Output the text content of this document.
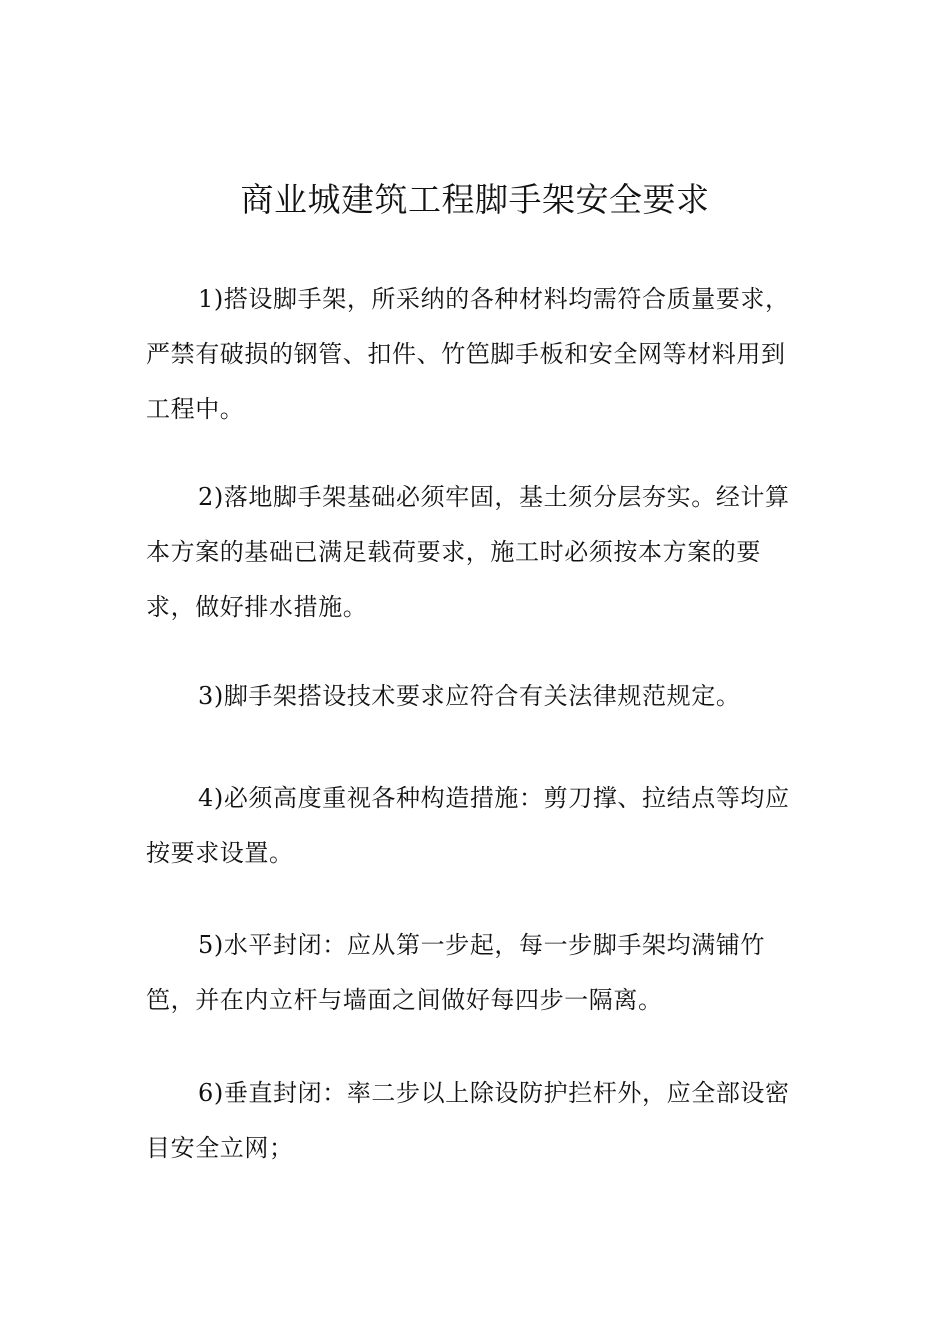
商业城建筑工程脚手架安全要求

1)搭设脚手架，所采纳的各种材料均需符合质量要求，严禁有破损的钢管、扣件、竹笆脚手板和安全网等材料用到工程中。

2)落地脚手架基础必须牢固，基土须分层夯实。经计算本方案的基础已满足载荷要求，施工时必须按本方案的要求，做好排水措施。

3)脚手架搭设技术要求应符合有关法律规范规定。

4)必须高度重视各种构造措施：剪刀撑、拉结点等均应按要求设置。

5)水平封闭：应从第一步起，每一步脚手架均满铺竹笆，并在内立杆与墙面之间做好每四步一隔离。

6)垂直封闭：率二步以上除设防护拦杆外，应全部设密目安全立网；
